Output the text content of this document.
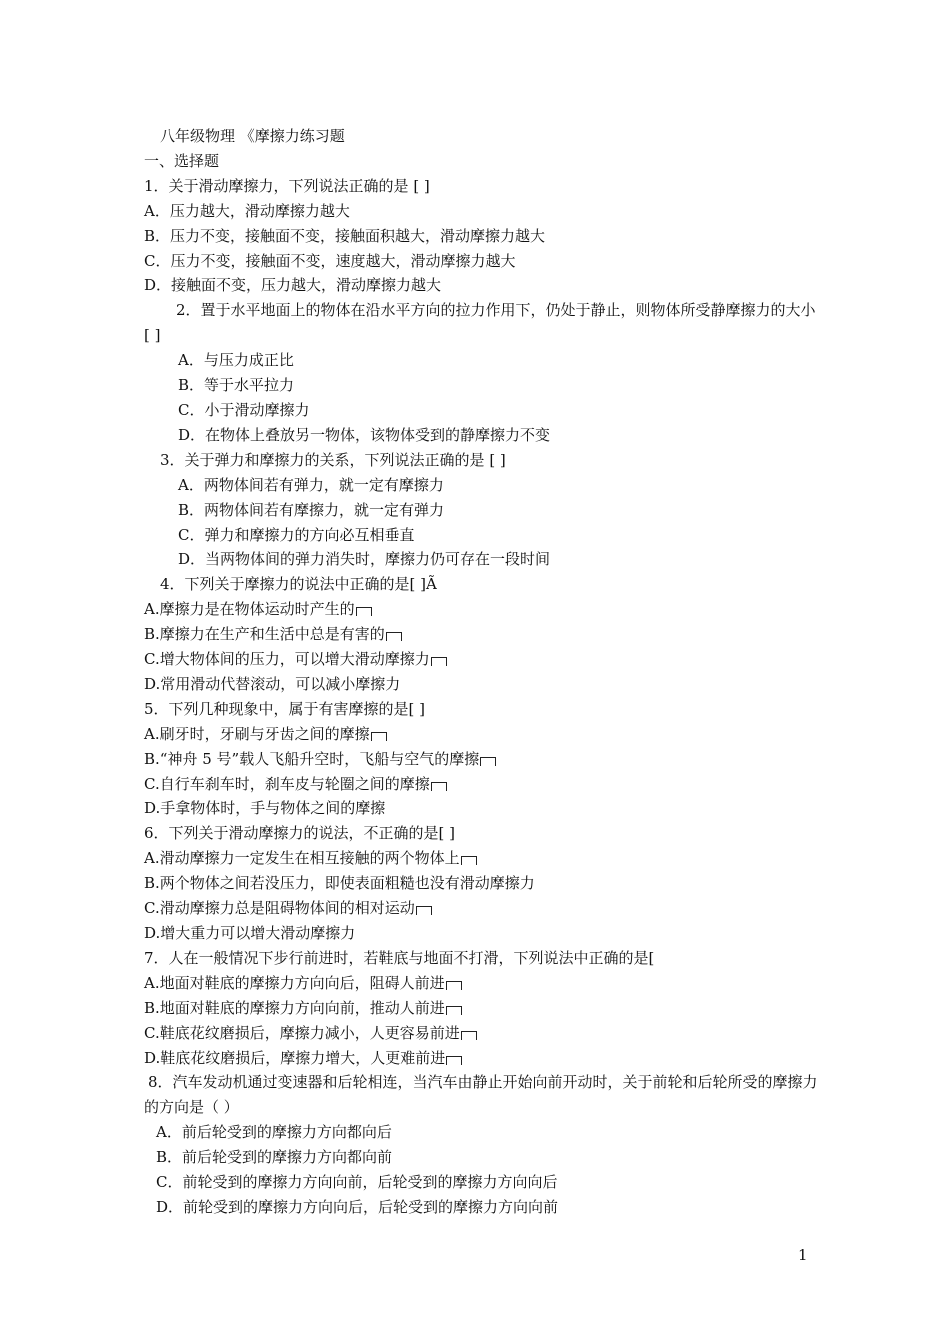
八年级物理 《摩擦力练习题
一、选择题
1．关于滑动摩擦力，下列说法正确的是 [ ]
A．压力越大，滑动摩擦力越大
B．压力不变，接触面不变，接触面积越大，滑动摩擦力越大
C．压力不变，接触面不变，速度越大，滑动摩擦力越大
D．接触面不变，压力越大，滑动摩擦力越大
2．置于水平地面上的物体在沿水平方向的拉力作用下，仍处于静止，则物体所受静摩擦力的大小 [ ]
A．与压力成正比
B．等于水平拉力
C．小于滑动摩擦力
D．在物体上叠放另一物体，该物体受到的静摩擦力不变
3．关于弹力和摩擦力的关系，下列说法正确的是 [ ]
A．两物体间若有弹力，就一定有摩擦力
B．两物体间若有摩擦力，就一定有弹力
C．弹力和摩擦力的方向必互相垂直
D．当两物体间的弹力消失时，摩擦力仍可存在一段时间
4．下列关于摩擦力的说法中正确的是[ ]Ã
A.摩擦力是在物体运动时产生的
B.摩擦力在生产和生活中总是有害的
C.增大物体间的压力，可以增大滑动摩擦力
D.常用滑动代替滚动，可以减小摩擦力
5．下列几种现象中，属于有害摩擦的是[ ]
A.刷牙时，牙刷与牙齿之间的摩擦
B.“神舟 5 号”载人飞船升空时，飞船与空气的摩擦
C.自行车刹车时，刹车皮与轮圈之间的摩擦
D.手拿物体时，手与物体之间的摩擦
6．下列关于滑动摩擦力的说法，不正确的是[ ]
A.滑动摩擦力一定发生在相互接触的两个物体上
B.两个物体之间若没压力，即使表面粗糙也没有滑动摩擦力
C.滑动摩擦力总是阻碍物体间的相对运动
D.增大重力可以增大滑动摩擦力
7．人在一般情况下步行前进时，若鞋底与地面不打滑，下列说法中正确的是[
A.地面对鞋底的摩擦力方向向后，阻碍人前进
B.地面对鞋底的摩擦力方向向前，推动人前进
C.鞋底花纹磨损后，摩擦力减小，人更容易前进
D.鞋底花纹磨损后，摩擦力增大，人更难前进
8．汽车发动机通过变速器和后轮相连，当汽车由静止开始向前开动时，关于前轮和后轮所受的摩擦力的方向是（ ）
A．前后轮受到的摩擦力方向都向后
B．前后轮受到的摩擦力方向都向前
C．前轮受到的摩擦力方向向前，后轮受到的摩擦力方向向后
D．前轮受到的摩擦力方向向后，后轮受到的摩擦力方向向前
1
